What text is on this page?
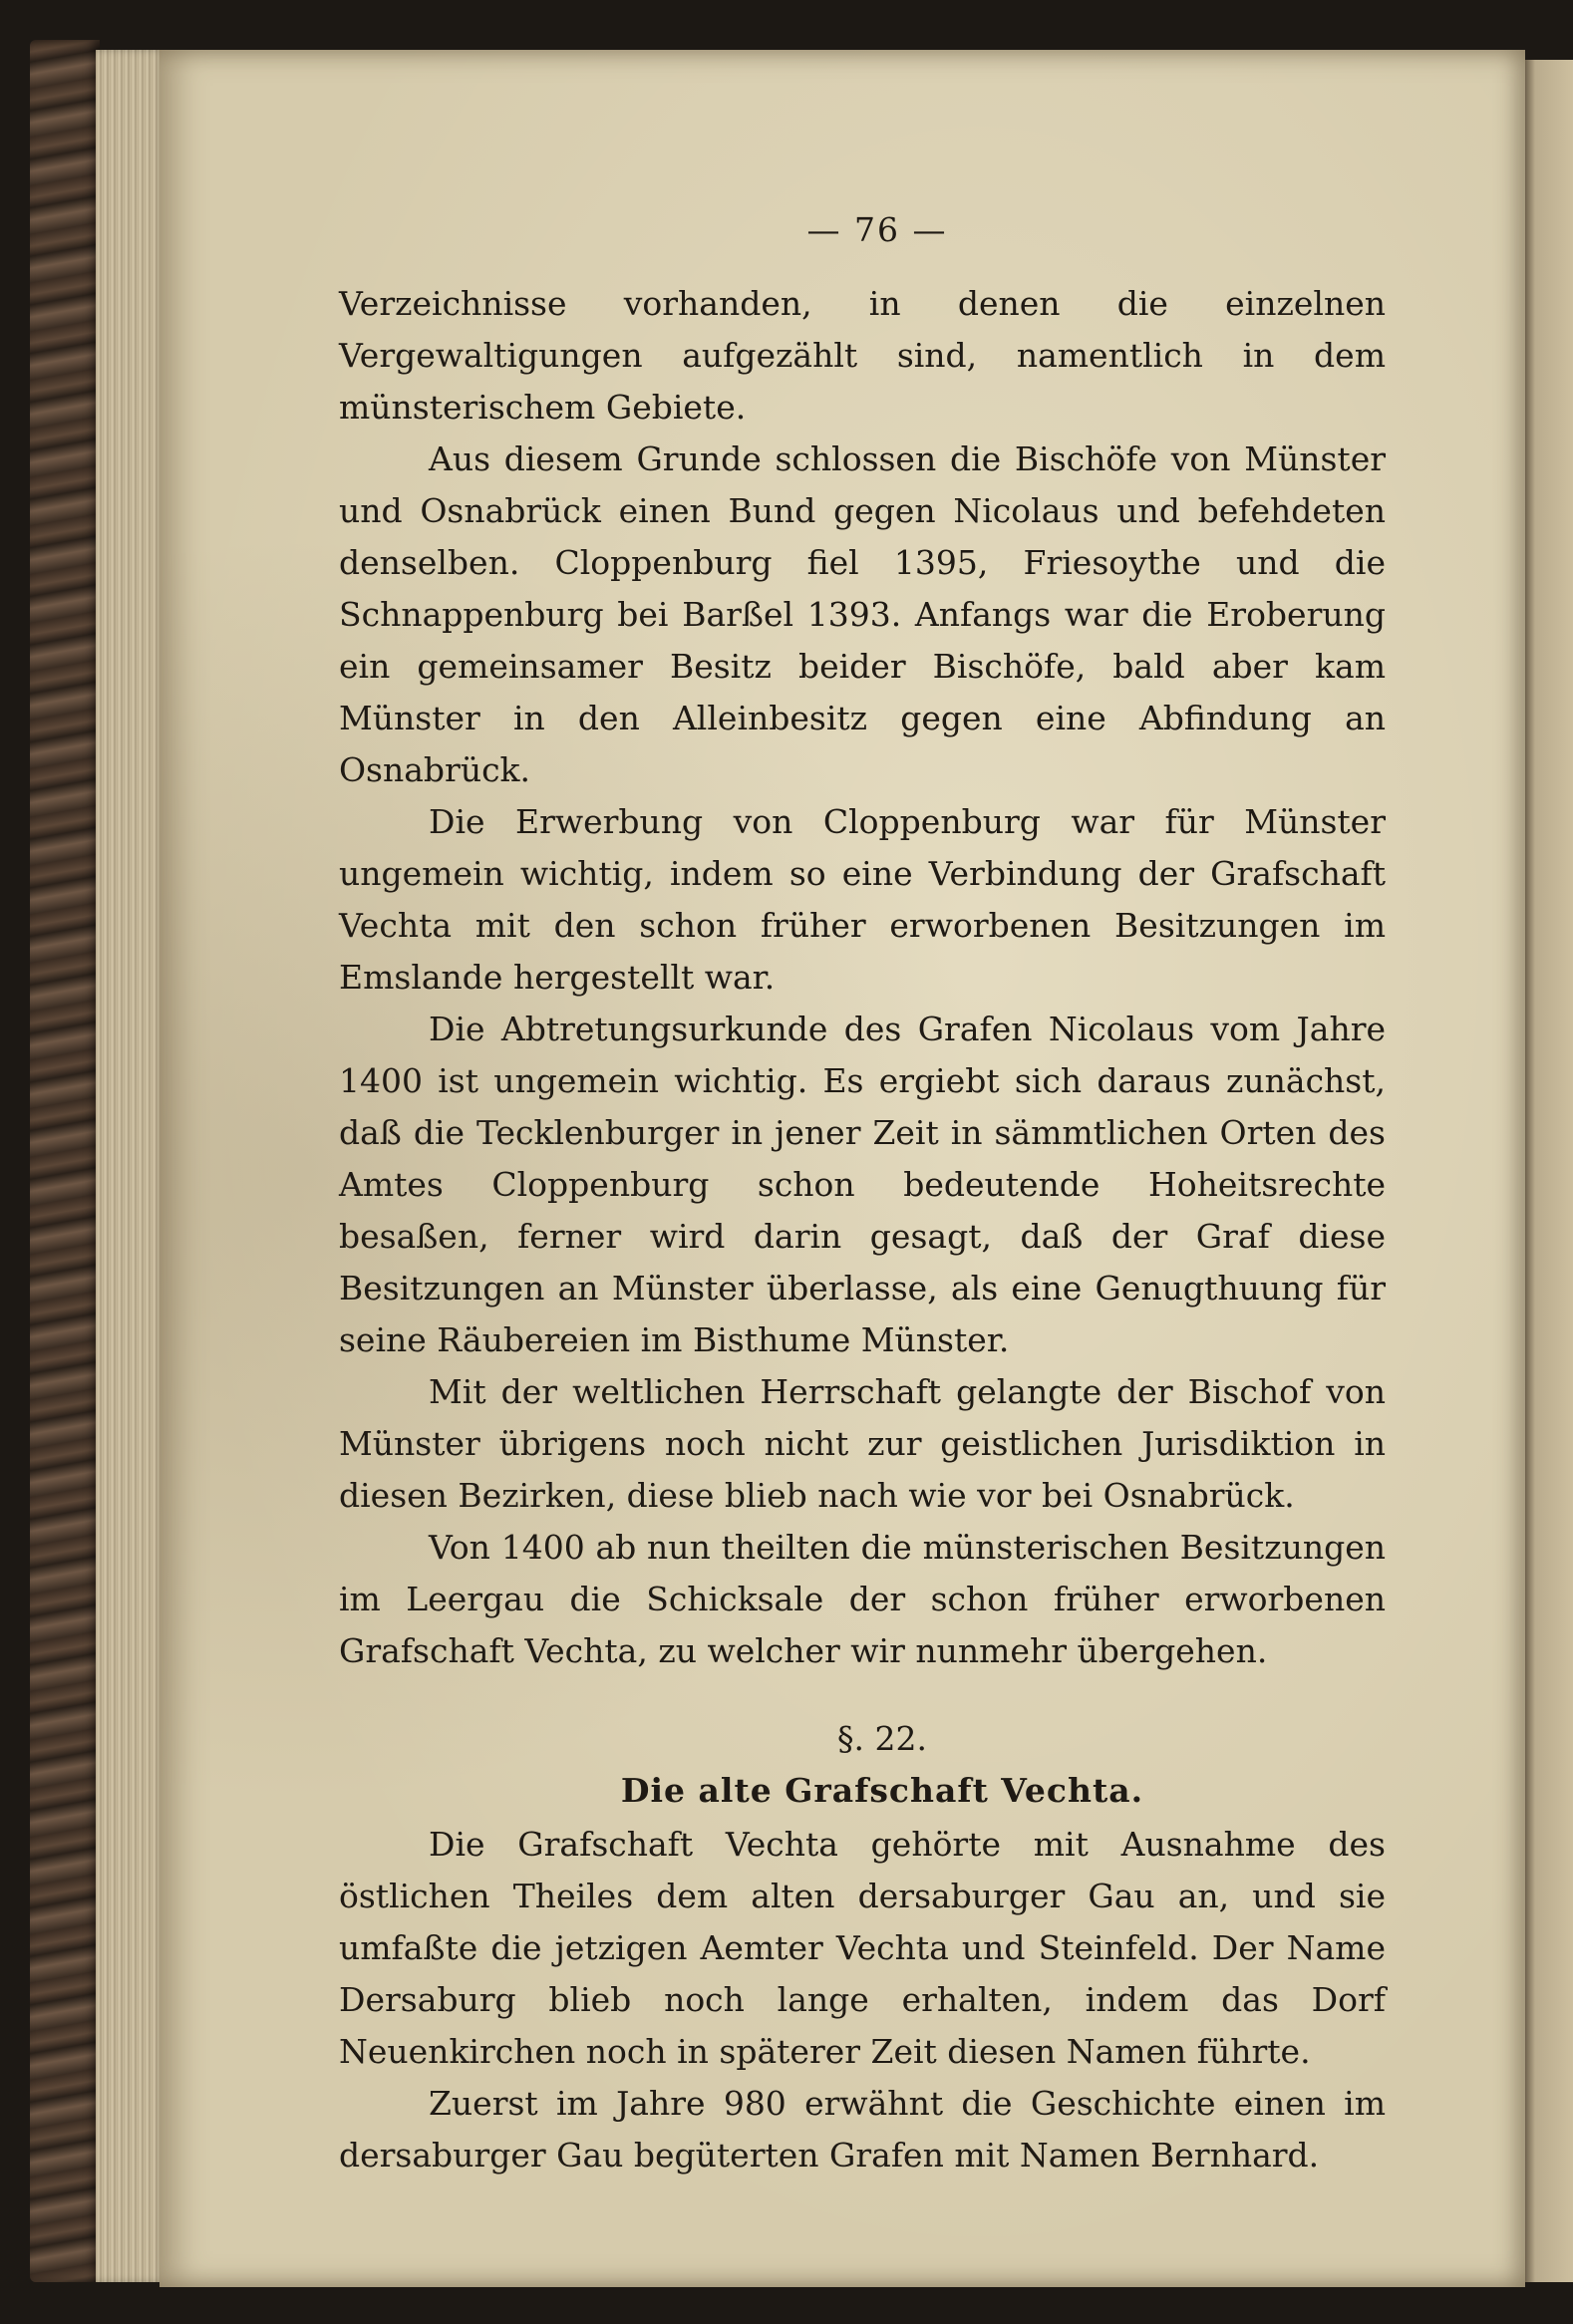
— 76 —

Verzeichnisse vorhanden, in denen die einzelnen Vergewaltigungen aufgezählt sind, namentlich in dem münsterischem Gebiete.

Aus diesem Grunde schlossen die Bischöfe von Münster und Osnabrück einen Bund gegen Nicolaus und befehdeten denselben. Cloppenburg fiel 1395, Friesoythe und die Schnappenburg bei Barßel 1393. Anfangs war die Eroberung ein gemeinsamer Besitz beider Bischöfe, bald aber kam Münster in den Alleinbesitz gegen eine Abfindung an Osnabrück.

Die Erwerbung von Cloppenburg war für Münster ungemein wichtig, indem so eine Verbindung der Grafschaft Vechta mit den schon früher erworbenen Besitzungen im Emslande hergestellt war.

Die Abtretungsurkunde des Grafen Nicolaus vom Jahre 1400 ist ungemein wichtig. Es ergiebt sich daraus zunächst, daß die Tecklenburger in jener Zeit in sämmtlichen Orten des Amtes Cloppenburg schon bedeutende Hoheitsrechte besaßen, ferner wird darin gesagt, daß der Graf diese Besitzungen an Münster überlasse, als eine Genugthuung für seine Räubereien im Bisthume Münster.

Mit der weltlichen Herrschaft gelangte der Bischof von Münster übrigens noch nicht zur geistlichen Jurisdiktion in diesen Bezirken, diese blieb nach wie vor bei Osnabrück.

Von 1400 ab nun theilten die münsterischen Besitzungen im Leergau die Schicksale der schon früher erworbenen Grafschaft Vechta, zu welcher wir nunmehr übergehen.

§. 22.
Die alte Grafschaft Vechta.

Die Grafschaft Vechta gehörte mit Ausnahme des östlichen Theiles dem alten dersaburger Gau an, und sie umfaßte die jetzigen Aemter Vechta und Steinfeld. Der Name Dersaburg blieb noch lange erhalten, indem das Dorf Neuenkirchen noch in späterer Zeit diesen Namen führte.

Zuerst im Jahre 980 erwähnt die Geschichte einen im dersaburger Gau begüterten Grafen mit Namen Bernhard.
